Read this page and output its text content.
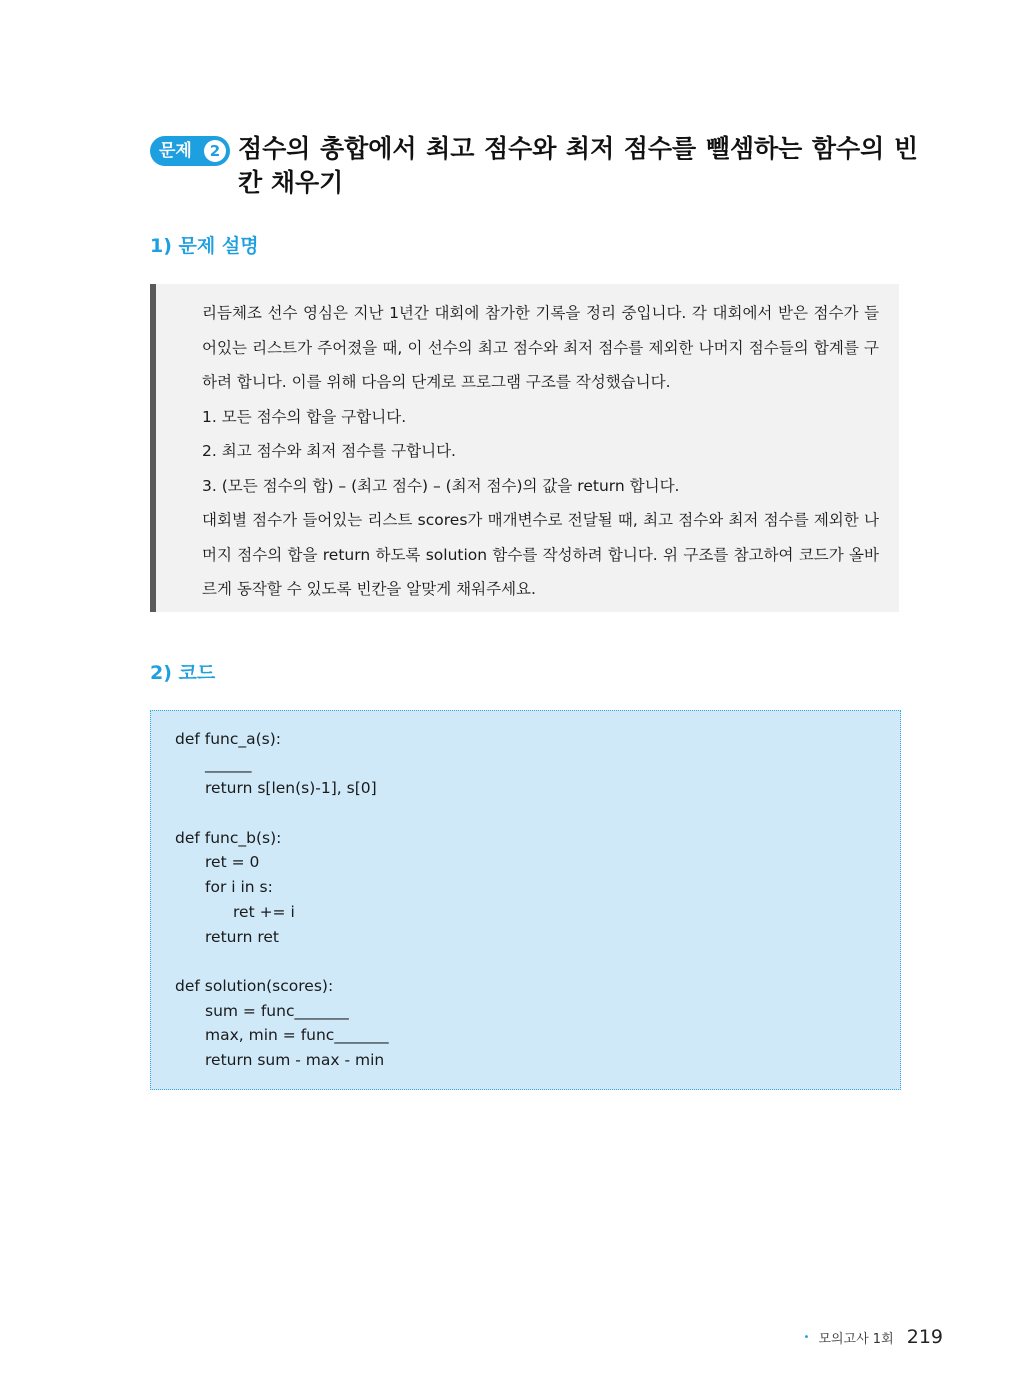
문제	2 점수의 총합에서 최고 점수와 최저 점수를 뺄셈하는 함수의 빈칸 채우기
1) 문제 설명

리듬체조 선수 영심은 지난 1년간 대회에 참가한 기록을 정리 중입니다. 각 대회에서 받은 점수가 들어있는 리스트가 주어졌을 때, 이 선수의 최고 점수와 최저 점수를 제외한 나머지 점수들의 합계를 구하려 합니다. 이를 위해 다음의 단계로 프로그램 구조를 작성했습니다.

1. 모든 점수의 합을 구합니다.

2. 최고 점수와 최저 점수를 구합니다.

3. (모든 점수의 합) – (최고 점수) – (최저 점수)의 값을 return 합니다.

대회별 점수가 들어있는 리스트 scores가 매개변수로 전달될 때, 최고 점수와 최저 점수를 제외한 나머지 점수의 합을 return 하도록 solution 함수를 작성하려 합니다. 위 구조를 참고하여 코드가 올바르게 동작할 수 있도록 빈칸을 알맞게 채워주세요.

2) 코드
def func_a(s):
______
return s[len(s)-1], s[0]
def func_b(s):
ret = 0
for i in s:
ret += i
return ret
def solution(scores):
sum = func_______
max, min = func_______
return sum - max - min
• 모의고사 1회 219
